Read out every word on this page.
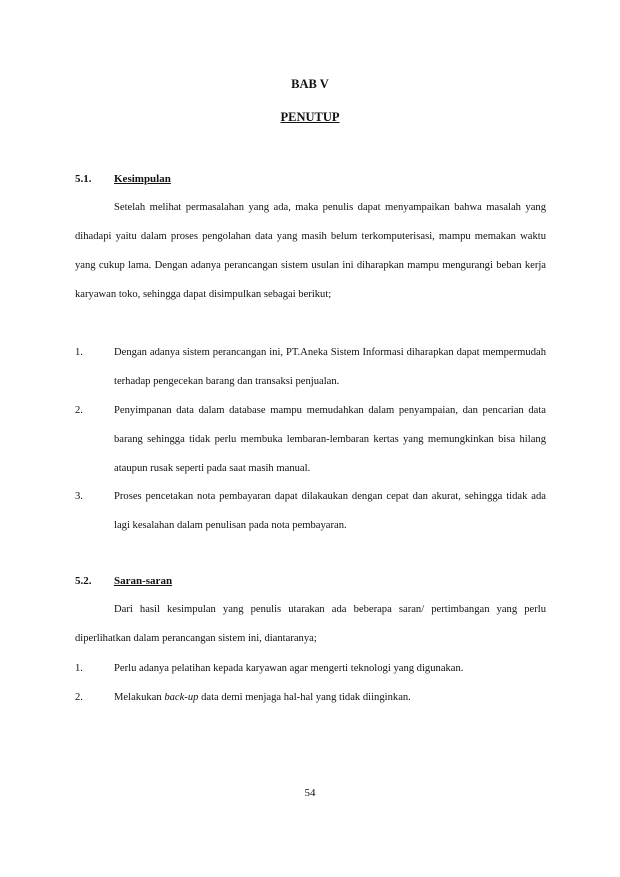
BAB V
PENUTUP
5.1. Kesimpulan

Setelah melihat permasalahan yang ada, maka penulis dapat menyampaikan bahwa masalah yang dihadapi yaitu dalam proses pengolahan data yang masih belum terkomputerisasi, mampu memakan waktu yang cukup lama. Dengan adanya perancangan sistem usulan ini diharapkan mampu mengurangi beban kerja karyawan toko, sehingga dapat disimpulkan sebagai berikut;

1.	Dengan adanya sistem perancangan ini, PT.Aneka Sistem Informasi diharapkan dapat mempermudah terhadap pengecekan barang dan transaksi penjualan.

2.	Penyimpanan data dalam database mampu memudahkan dalam penyampaian, dan pencarian data barang sehingga tidak perlu membuka lembaran-lembaran kertas yang memungkinkan bisa hilang ataupun rusak seperti pada saat masih manual.

3.	Proses pencetakan nota pembayaran dapat dilakaukan dengan cepat dan akurat, sehingga tidak ada lagi kesalahan dalam penulisan pada nota pembayaran.

5.2. Saran-saran

Dari hasil kesimpulan yang penulis utarakan ada beberapa saran/ pertimbangan yang perlu diperlihatkan dalam perancangan sistem ini, diantaranya;

1.	Perlu adanya pelatihan kepada karyawan agar mengerti teknologi yang digunakan.

2.	Melakukan back-up data demi menjaga hal-hal yang tidak diinginkan.

54
